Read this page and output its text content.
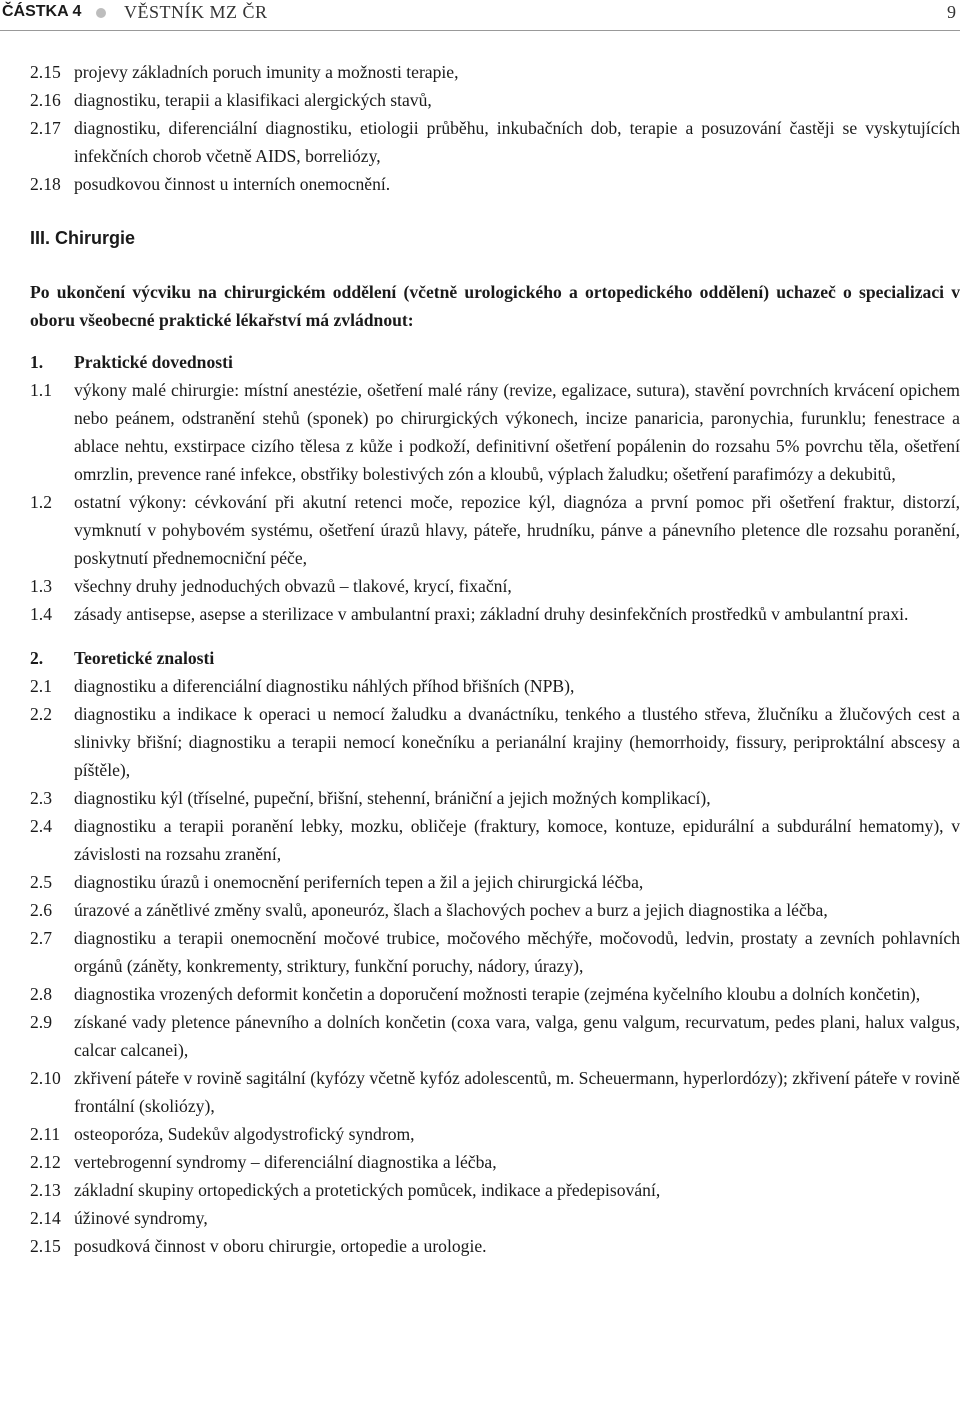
ČÁSTKA 4 VĚSTNÍK MZ ČR	9
2.15 projevy základních poruch imunity a možnosti terapie,
2.16 diagnostiku, terapii a klasifikaci alergických stavů,
2.17 diagnostiku, diferenciální diagnostiku, etiologii průběhu, inkubačních dob, terapie a posuzování častěji se vyskytujících infekčních chorob včetně AIDS, borreliózy,
2.18 posudkovou činnost u interních onemocnění.
III. Chirurgie
Po ukončení výcviku na chirurgickém oddělení (včetně urologického a ortopedického oddělení) uchazeč o specializaci v oboru všeobecné praktické lékařství má zvládnout:
1. Praktické dovednosti
1.1 výkony malé chirurgie: místní anestézie, ošetření malé rány (revize, egalizace, sutura), stavění povrchních krvácení opichem nebo peánem, odstranění stehů (sponek) po chirurgických výkonech, incize panaricia, paronychia, furunklu; fenestrace a ablace nehtu, exstirpace cizího tělesa z kůže i podkoží, definitivní ošetření popálenin do rozsahu 5% povrchu těla, ošetření omrzlin, prevence rané infekce, obstřiky bolestivých zón a kloubů, výplach žaludku; ošetření parafimózy a dekubitů,
1.2 ostatní výkony: cévkování při akutní retenci moče, repozice kýl, diagnóza a první pomoc při ošetření fraktur, distorzí, vymknutí v pohybovém systému, ošetření úrazů hlavy, páteře, hrudníku, pánve a pánevního pletence dle rozsahu poranění, poskytnutí přednemocniční péče,
1.3 všechny druhy jednoduchých obvazů – tlakové, krycí, fixační,
1.4 zásady antisepse, asepse a sterilizace v ambulantní praxi; základní druhy desinfekčních prostředků v ambulantní praxi.
2. Teoretické znalosti
2.1 diagnostiku a diferenciální diagnostiku náhlých příhod břišních (NPB),
2.2 diagnostiku a indikace k operaci u nemocí žaludku a dvanáctníku, tenkého a tlustého střeva, žlučníku a žlučových cest a slinivky břišní; diagnostiku a terapii nemocí konečníku a perianální krajiny (hemorrhoidy, fissury, periproktální abscesy a píštěle),
2.3 diagnostiku kýl (tříselné, pupeční, břišní, stehenní, brániční a jejich možných komplikací),
2.4 diagnostiku a terapii poranění lebky, mozku, obličeje (fraktury, komoce, kontuze, epidurální a subdurální hematomy), v závislosti na rozsahu zranění,
2.5 diagnostiku úrazů i onemocnění periferních tepen a žil a jejich chirurgická léčba,
2.6 úrazové a zánětlivé změny svalů, aponeuróz, šlach a šlachových pochev a burz a jejich diagnostika a léčba,
2.7 diagnostiku a terapii onemocnění močové trubice, močového měchýře, močovodů, ledvin, prostaty a zevních pohlavních orgánů (záněty, konkrementy, striktury, funkční poruchy, nádory, úrazy),
2.8 diagnostika vrozených deformit končetin a doporučení možnosti terapie (zejména kyčelního kloubu a dolních končetin),
2.9 získané vady pletence pánevního a dolních končetin (coxa vara, valga, genu valgum, recurvatum, pedes plani, halux valgus, calcar calcanei),
2.10 zkřivení páteře v rovině sagitální (kyfózy včetně kyfóz adolescentů, m. Scheuermann, hyperlordózy); zkřivení páteře v rovině frontální (skoliózy),
2.11 osteoporóza, Sudekův algodystrofický syndrom,
2.12 vertebrogenní syndromy – diferenciální diagnostika a léčba,
2.13 základní skupiny ortopedických a protetických pomůcek, indikace a předepisování,
2.14 úžinové syndromy,
2.15 posudková činnost v oboru chirurgie, ortopedie a urologie.
